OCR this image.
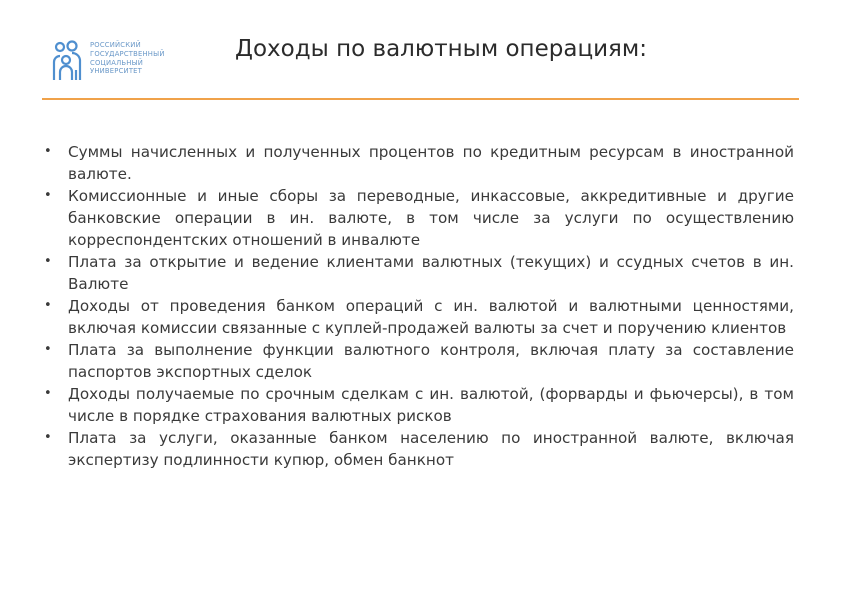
РОССИЙСКИЙ
ГОСУДАРСТВЕННЫЙ
СОЦИАЛЬНЫЙ
УНИВЕРСИТЕТ
Доходы по валютным операциям:
• Суммы начисленных и полученных процентов по кредитным ресурсам в иностранной валюте.
• Комиссионные и иные сборы за переводные, инкассовые, аккредитивные и другие банковские операции в ин. валюте, в том числе за услуги по осуществлению корреспондентских отношений в инвалюте
• Плата за открытие и ведение клиентами валютных (текущих) и ссудных счетов в ин. Валюте
• Доходы от проведения банком операций с ин. валютой и валютными ценностями, включая комиссии связанные с куплей-продажей валюты за счет и поручению клиентов
• Плата за выполнение функции валютного контроля, включая плату за составление паспортов экспортных сделок
• Доходы получаемые по срочным сделкам с ин. валютой, (форварды и фьючерсы), в том числе в порядке страхования валютных рисков
• Плата за услуги, оказанные банком населению по иностранной валюте, включая экспертизу подлинности купюр, обмен банкнот
